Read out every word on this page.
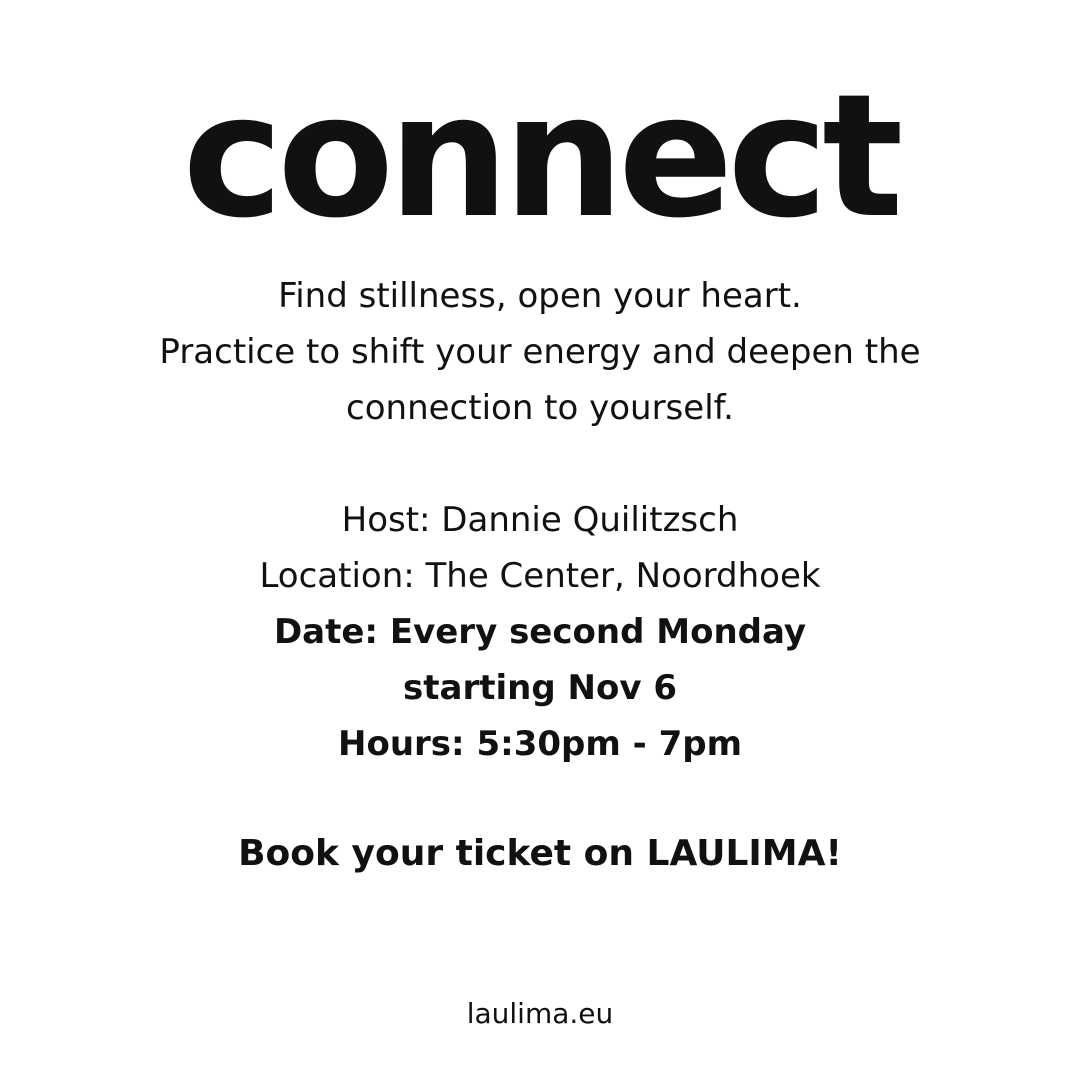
connect

Find stillness, open your heart.
Practice to shift your energy and deepen the
connection to yourself.

Host: Dannie Quilitzsch
Location: The Center, Noordhoek
Date: Every second Monday
starting Nov 6
Hours: 5:30pm - 7pm

Book your ticket on LAULIMA!

laulima.eu
